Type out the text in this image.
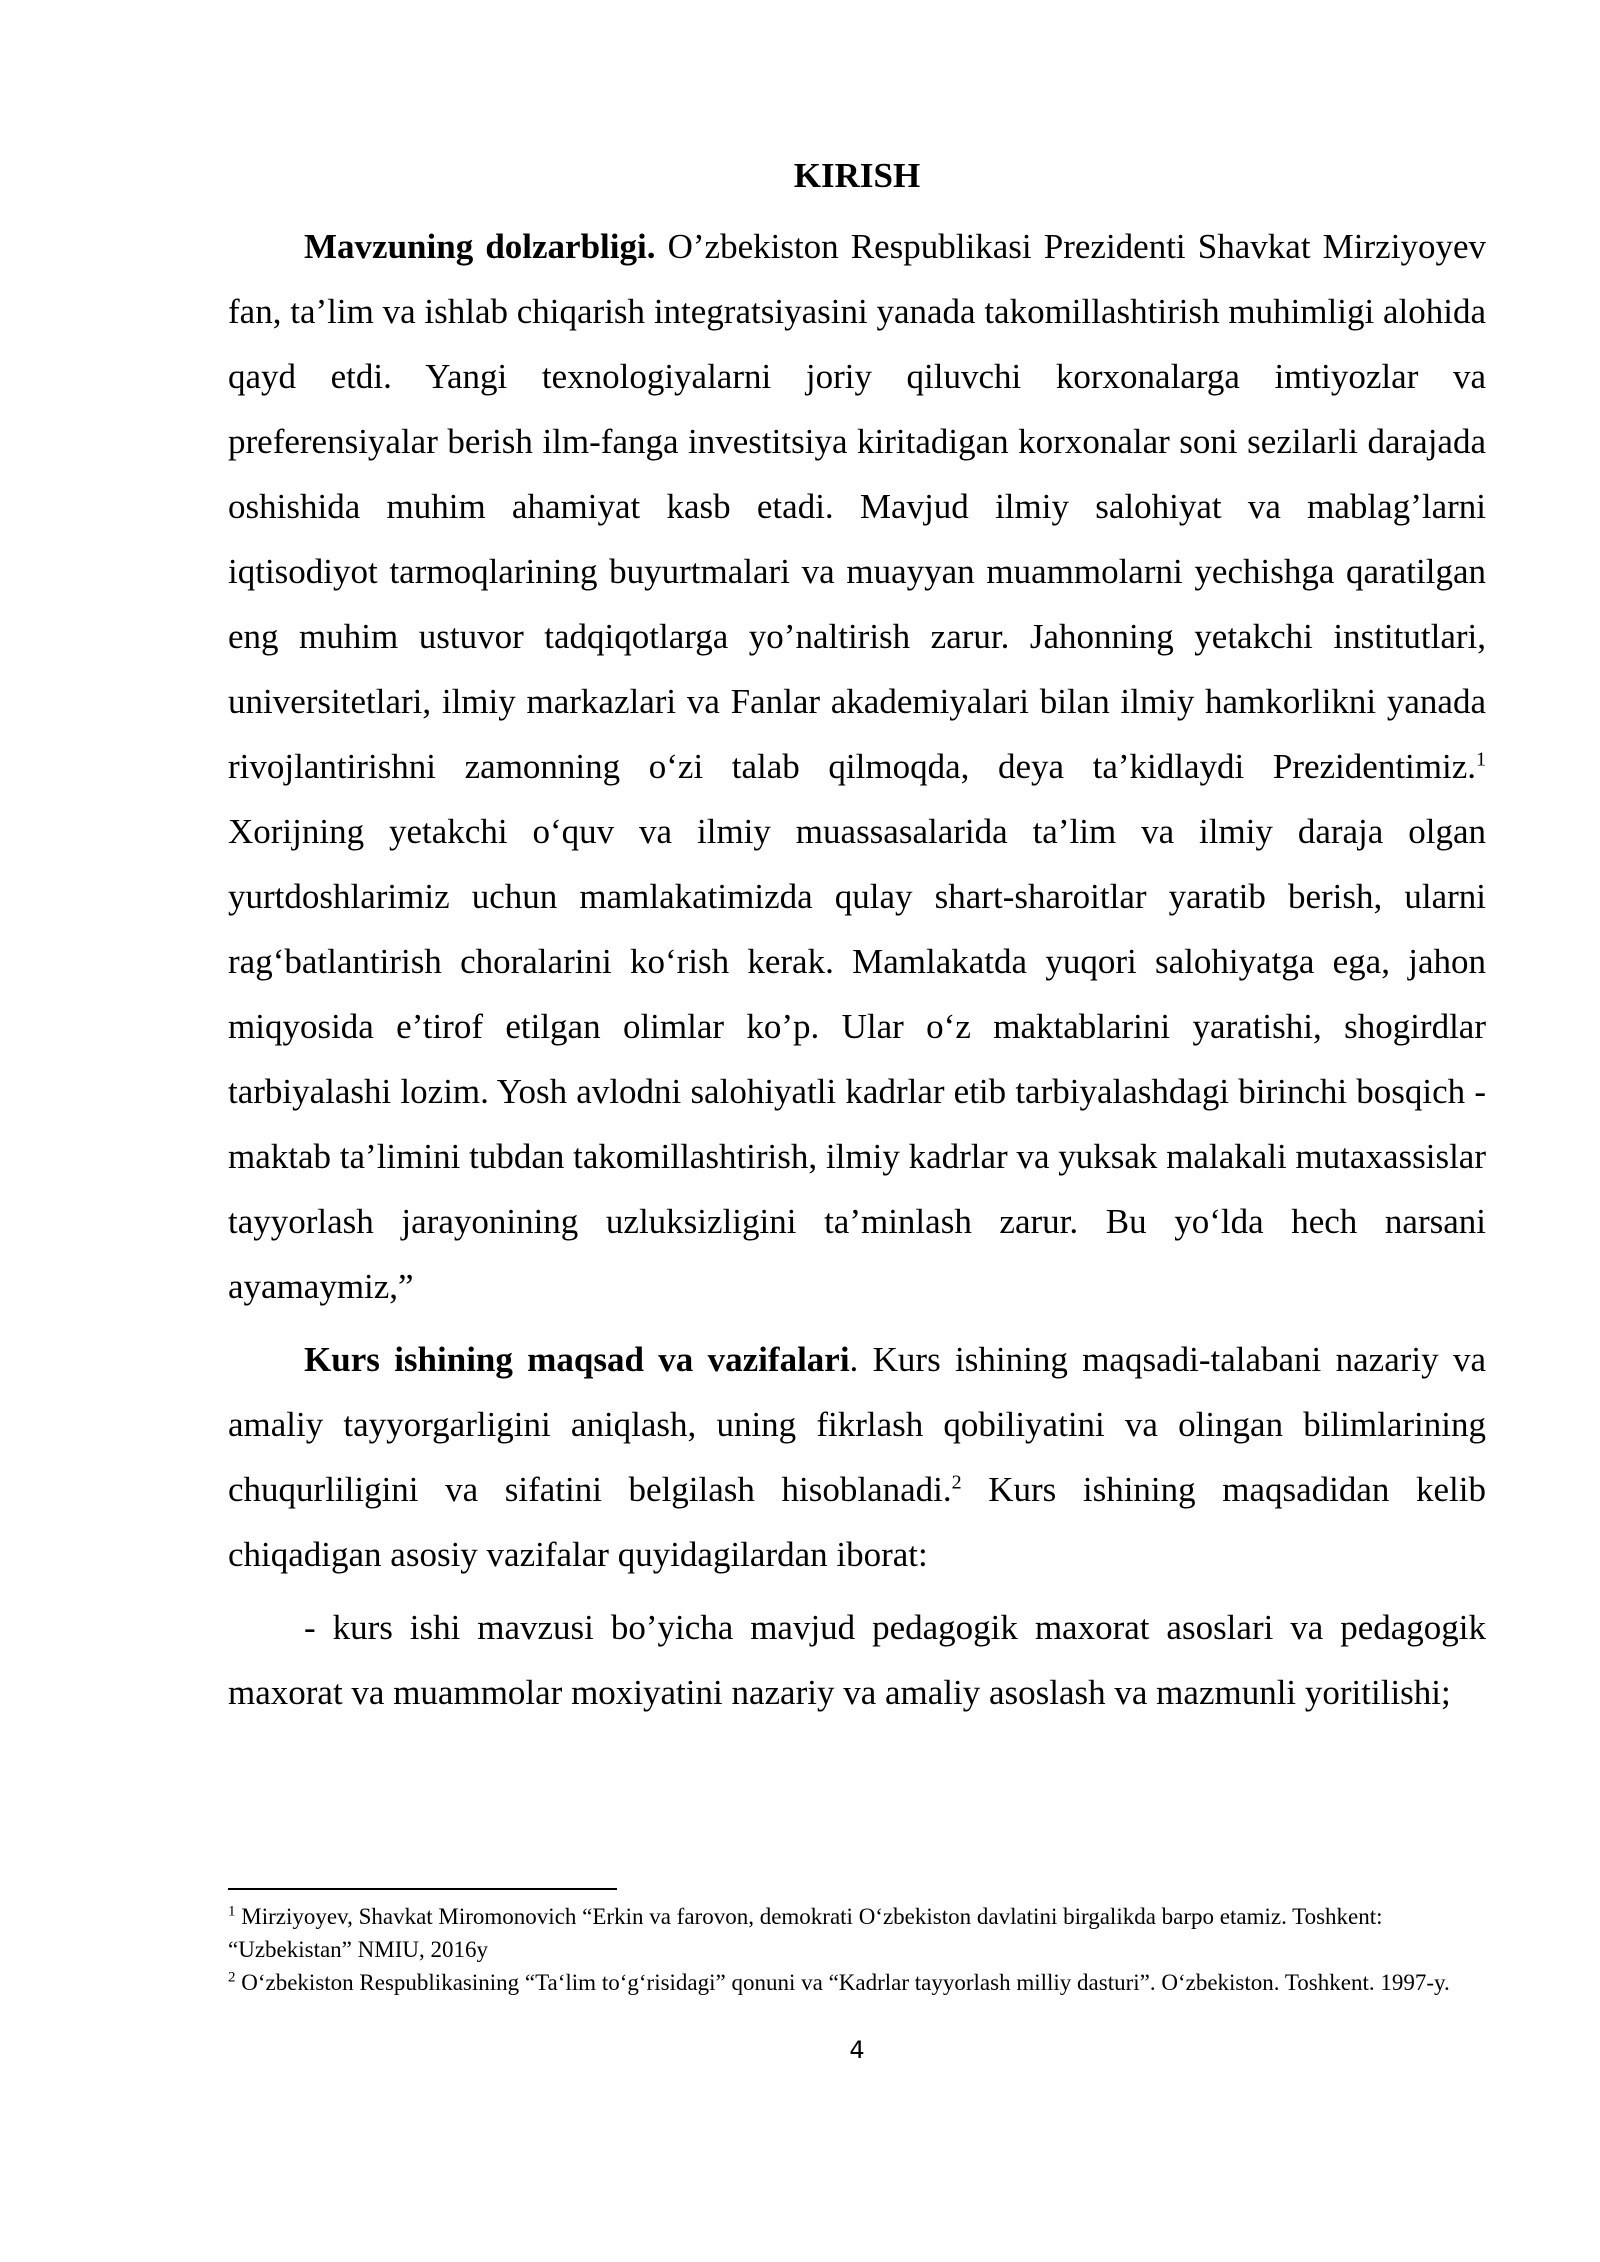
KIRISH

Mavzuning dolzarbligi. O’zbekiston Respublikasi Prezidenti Shavkat Mirziyoyev fan, ta’lim va ishlab chiqarish integratsiyasini yanada takomillashtirish muhimligi alohida qayd etdi. Yangi texnologiyalarni joriy qiluvchi korxonalarga imtiyozlar va preferensiyalar berish ilm-fanga investitsiya kiritadigan korxonalar soni sezilarli darajada oshishida muhim ahamiyat kasb etadi. Mavjud ilmiy salohiyat va mablag’larni iqtisodiyot tarmoqlarining buyurtmalari va muayyan muammolarni yechishga qaratilgan eng muhim ustuvor tadqiqotlarga yo’naltirish zarur. Jahonning yetakchi institutlari, universitetlari, ilmiy markazlari va Fanlar akademiyalari bilan ilmiy hamkorlikni yanada rivojlantirishni zamonning o‘zi talab qilmoqda, deya ta’kidlaydi Prezidentimiz.$^1$ Xorijning yetakchi o‘quv va ilmiy muassasalarida ta’lim va ilmiy daraja olgan yurtdoshlarimiz uchun mamlakatimizda qulay shart-sharoitlar yaratib berish, ularni rag‘batlantirish choralarini ko‘rish kerak. Mamlakatda yuqori salohiyatga ega, jahon miqyosida e’tirof etilgan olimlar ko’p. Ular o‘z maktablarini yaratishi, shogirdlar tarbiyalashi lozim. Yosh avlodni salohiyatli kadrlar etib tarbiyalashdagi birinchi bosqich - maktab ta’limini tubdan takomillashtirish, ilmiy kadrlar va yuksak malakali mutaxassislar tayyorlash jarayonining uzluksizligini ta’minlash zarur. Bu yo‘lda hech narsani ayamaymiz,”

Kurs ishining maqsad va vazifalari. Kurs ishining maqsadi-talabani nazariy va amaliy tayyorgarligini aniqlash, uning fikrlash qobiliyatini va olingan bilimlarining chuqurliligini va sifatini belgilash hisoblanadi.$^2$ Kurs ishining maqsadidan kelib chiqadigan asosiy vazifalar quyidagilardan iborat:

- kurs ishi mavzusi bo’yicha mavjud pedagogik maxorat asoslari va pedagogik maxorat va muammolar moxiyatini nazariy va amaliy asoslash va mazmunli yoritilishi;

$^1$ Mirziyoyev, Shavkat Miromonovich “Erkin va farovon, demokrati O‘zbekiston davlatini birgalikda barpo etamiz. Toshkent: “Uzbekistan” NMIU, 2016y

$^2$ O‘zbekiston Respublikasining “Ta‘lim to‘g‘risidagi” qonuni va “Kadrlar tayyorlash milliy dasturi”. O‘zbekiston. Toshkent. 1997-y.

4
